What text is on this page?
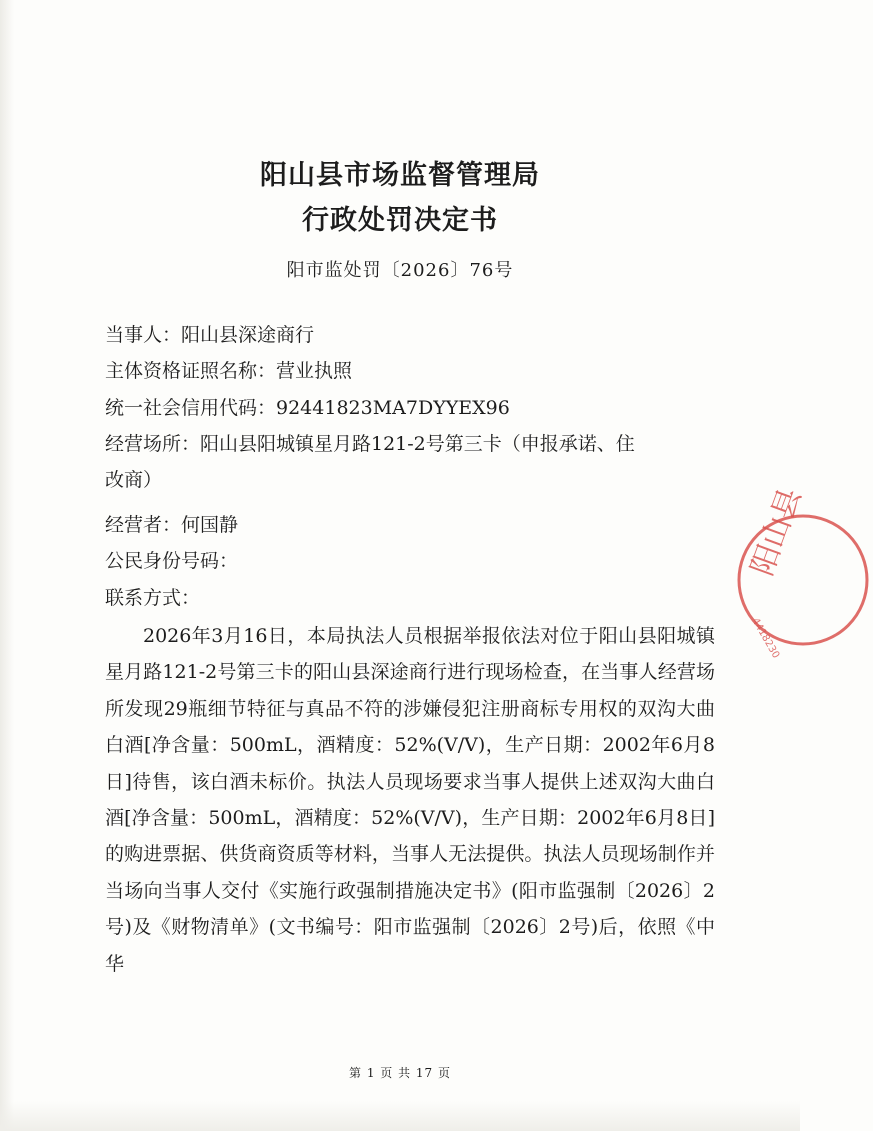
阳山县市场监督管理局
行政处罚决定书
阳市监处罚〔2026〕76号
当事人：阳山县深途商行
主体资格证照名称：营业执照
统一社会信用代码：92441823MA7DYYEX96
经营场所：阳山县阳城镇星月路121-2号第三卡（申报承诺、住
改商）
经营者：何国静
公民身份号码：
联系方式：

2026年3月16日，本局执法人员根据举报依法对位于阳山县阳城镇星月路121-2号第三卡的阳山县深途商行进行现场检查，在当事人经营场所发现29瓶细节特征与真品不符的涉嫌侵犯注册商标专用权的双沟大曲白酒[净含量：500mL，酒精度：52%(V/V)，生产日期：2002年6月8日]待售，该白酒未标价。执法人员现场要求当事人提供上述双沟大曲白酒[净含量：500mL，酒精度：52%(V/V)，生产日期：2002年6月8日]的购进票据、供货商资质等材料，当事人无法提供。执法人员现场制作并当场向当事人交付《实施行政强制措施决定书》(阳市监强制〔2026〕2号)及《财物清单》(文书编号：阳市监强制〔2026〕2号)后，依照《中华

第 1 页 共 17 页
阳山县
4418230
